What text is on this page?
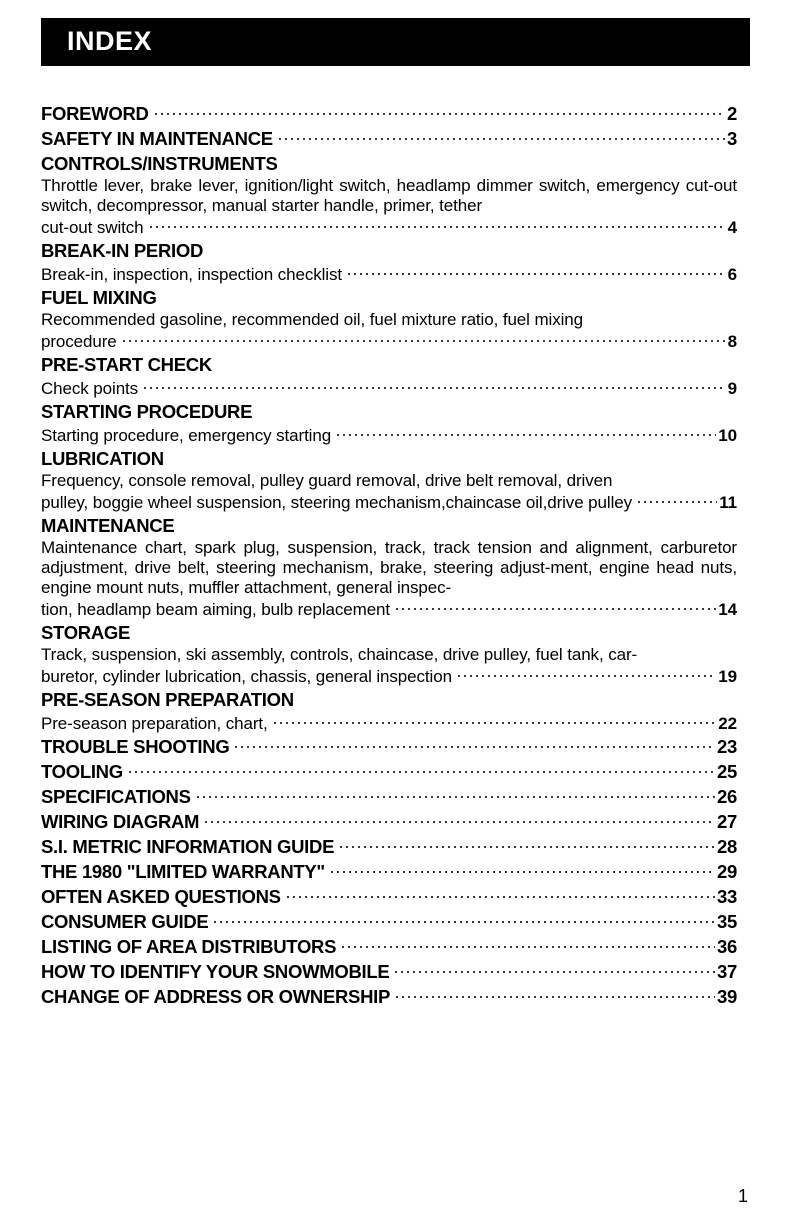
INDEX
FOREWORD	2
SAFETY IN MAINTENANCE	3
CONTROLS/INSTRUMENTS
Throttle lever, brake lever, ignition/light switch, headlamp dimmer switch, emergency cut-out switch, decompressor, manual starter handle, primer, tether
cut-out switch	4
BREAK-IN PERIOD
Break-in, inspection, inspection checklist	6
FUEL MIXING
Recommended gasoline, recommended oil, fuel mixture ratio, fuel mixing
procedure	8
PRE-START CHECK
Check points	9
STARTING PROCEDURE
Starting procedure, emergency starting	10
LUBRICATION
Frequency, console removal, pulley guard removal, drive belt removal, driven
pulley, boggie wheel suspension, steering mechanism,chaincase oil,drive pulley	11
MAINTENANCE
Maintenance chart, spark plug, suspension, track, track tension and alignment, carburetor adjustment, drive belt, steering mechanism, brake, steering adjust-ment, engine head nuts, engine mount nuts, muffler attachment, general inspec-
tion, headlamp beam aiming, bulb replacement	14
STORAGE
Track, suspension, ski assembly, controls, chaincase, drive pulley, fuel tank, car-
buretor, cylinder lubrication, chassis, general inspection	19
PRE-SEASON PREPARATION
Pre-season preparation, chart,	22
TROUBLE SHOOTING	23
TOOLING	25
SPECIFICATIONS	26
WIRING DIAGRAM	27
S.I. METRIC INFORMATION GUIDE	28
THE 1980 "LIMITED WARRANTY"	29
OFTEN ASKED QUESTIONS	33
CONSUMER GUIDE	35
LISTING OF AREA DISTRIBUTORS	36
HOW TO IDENTIFY YOUR SNOWMOBILE	37
CHANGE OF ADDRESS OR OWNERSHIP	39
1
